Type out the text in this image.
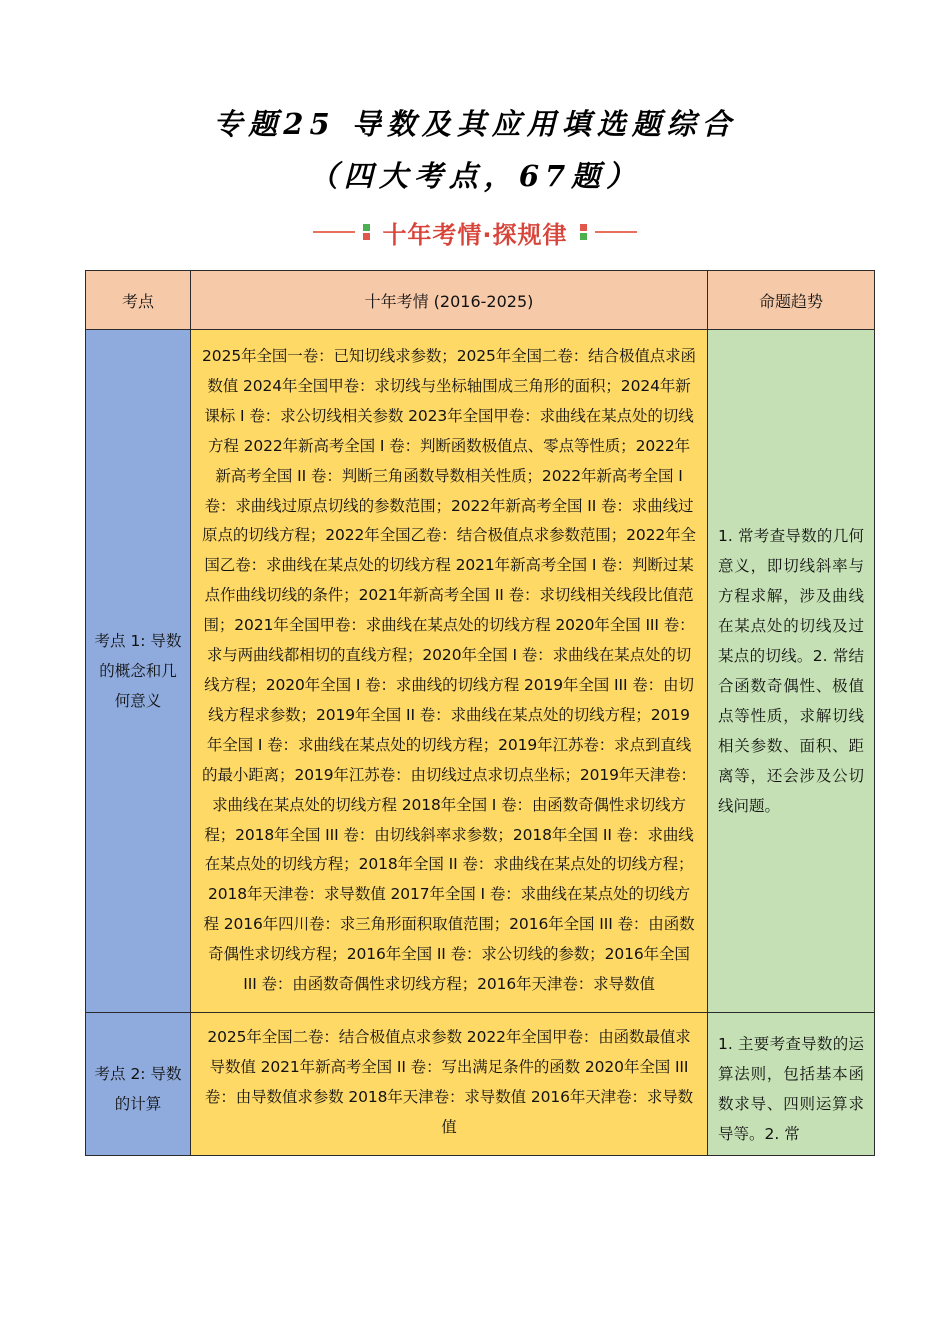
专题25 导数及其应用填选题综合
（四大考点，67题）
十年考情·探规律
考点	十年考情 (2016-2025)	命题趋势
考点 1: 导数的概念和几何意义	2025年全国一卷：已知切线求参数；2025年全国二卷：结合极值点求函数值 2024年全国甲卷：求切线与坐标轴围成三角形的面积；2024年新课标 I 卷：求公切线相关参数 2023年全国甲卷：求曲线在某点处的切线方程 2022年新高考全国 I 卷：判断函数极值点、零点等性质；2022年新高考全国 II 卷：判断三角函数导数相关性质；2022年新高考全国 I 卷：求曲线过原点切线的参数范围；2022年新高考全国 II 卷：求曲线过原点的切线方程；2022年全国乙卷：结合极值点求参数范围；2022年全国乙卷：求曲线在某点处的切线方程 2021年新高考全国 I 卷：判断过某点作曲线切线的条件；2021年新高考全国 II 卷：求切线相关线段比值范围；2021年全国甲卷：求曲线在某点处的切线方程 2020年全国 III 卷：求与两曲线都相切的直线方程；2020年全国 I 卷：求曲线在某点处的切线方程；2020年全国 I 卷：求曲线的切线方程 2019年全国 III 卷：由切线方程求参数；2019年全国 II 卷：求曲线在某点处的切线方程；2019年全国 I 卷：求曲线在某点处的切线方程；2019年江苏卷：求点到直线的最小距离；2019年江苏卷：由切线过点求切点坐标；2019年天津卷：求曲线在某点处的切线方程 2018年全国 I 卷：由函数奇偶性求切线方程；2018年全国 III 卷：由切线斜率求参数；2018年全国 II 卷：求曲线在某点处的切线方程；2018年全国 II 卷：求曲线在某点处的切线方程；2018年天津卷：求导数值 2017年全国 I 卷：求曲线在某点处的切线方程 2016年四川卷：求三角形面积取值范围；2016年全国 III 卷：由函数奇偶性求切线方程；2016年全国 II 卷：求公切线的参数；2016年全国 III 卷：由函数奇偶性求切线方程；2016年天津卷：求导数值	1. 常考查导数的几何意义，即切线斜率与方程求解，涉及曲线在某点处的切线及过某点的切线。2. 常结合函数奇偶性、极值点等性质，求解切线相关参数、面积、距离等，还会涉及公切线问题。
考点 2: 导数的计算	2025年全国二卷：结合极值点求参数 2022年全国甲卷：由函数最值求导数值 2021年新高考全国 II 卷：写出满足条件的函数 2020年全国 III 卷：由导数值求参数 2018年天津卷：求导数值 2016年天津卷：求导数值	1. 主要考查导数的运算法则，包括基本函数求导、四则运算求导等。2. 常
